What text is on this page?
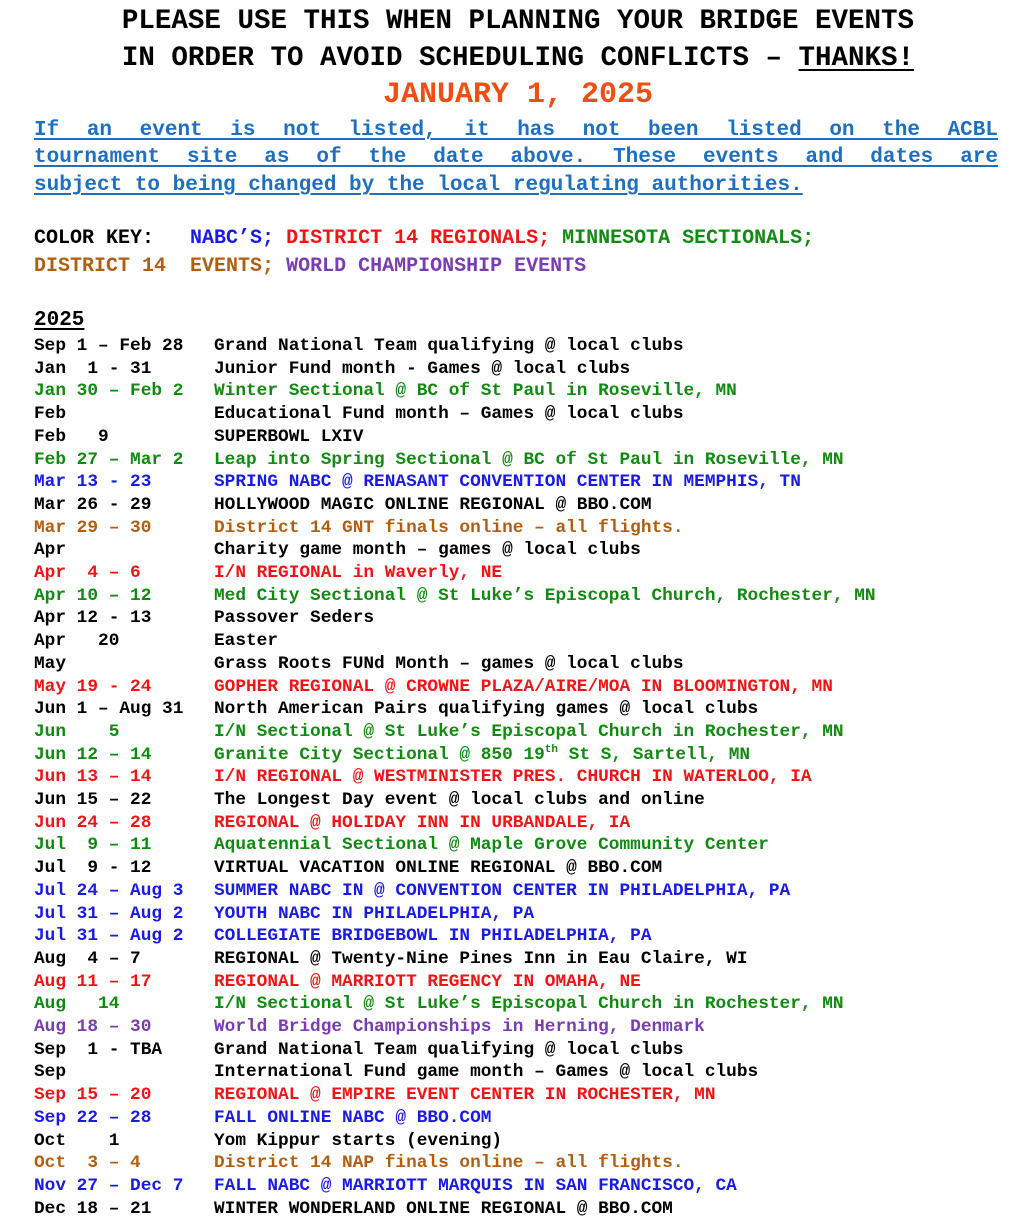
PLEASE USE THIS WHEN PLANNING YOUR BRIDGE EVENTS
IN ORDER TO AVOID SCHEDULING CONFLICTS – THANKS!
JANUARY 1, 2025
If an event is not listed, it has not been listed on the ACBL
tournament site as of the date above. These events and dates are
subject to being changed by the local regulating authorities.
COLOR KEY: NABC’S; DISTRICT 14 REGIONALS; MINNESOTA SECTIONALS;
DISTRICT 14  EVENTS; WORLD CHAMPIONSHIP EVENTS
2025
Sep 1 – Feb 28 Grand National Team qualifying @ local clubs
Jan  1 - 31	Junior Fund month - Games @ local clubs
Jan 30 – Feb 2 Winter Sectional @ BC of St Paul in Roseville, MN
Feb	Educational Fund month – Games @ local clubs
Feb   9	SUPERBOWL LXIV
Feb 27 – Mar 2 Leap into Spring Sectional @ BC of St Paul in Roseville, MN
Mar 13 - 23	SPRING NABC @ RENASANT CONVENTION CENTER IN MEMPHIS, TN
Mar 26 - 29	HOLLYWOOD MAGIC ONLINE REGIONAL @ BBO.COM
Mar 29 – 30	District 14 GNT finals online – all flights.
Apr	Charity game month – games @ local clubs
Apr  4 – 6	I/N REGIONAL in Waverly, NE
Apr 10 – 12	Med City Sectional @ St Luke’s Episcopal Church, Rochester, MN
Apr 12 - 13	Passover Seders
Apr   20	Easter
May	Grass Roots FUNd Month – games @ local clubs
May 19 - 24	GOPHER REGIONAL @ CROWNE PLAZA/AIRE/MOA IN BLOOMINGTON, MN
Jun 1 – Aug 31 North American Pairs qualifying games @ local clubs
Jun    5	I/N Sectional @ St Luke’s Episcopal Church in Rochester, MN
Jun 12 – 14	Granite City Sectional @ 850 19th St S, Sartell, MN
Jun 13 – 14	I/N REGIONAL @ WESTMINISTER PRES. CHURCH IN WATERLOO, IA
Jun 15 – 22	The Longest Day event @ local clubs and online
Jun 24 – 28	REGIONAL @ HOLIDAY INN IN URBANDALE, IA
Jul  9 – 11	Aquatennial Sectional @ Maple Grove Community Center
Jul  9 - 12	VIRTUAL VACATION ONLINE REGIONAL @ BBO.COM
Jul 24 – Aug 3 SUMMER NABC IN @ CONVENTION CENTER IN PHILADELPHIA, PA
Jul 31 – Aug 2 YOUTH NABC IN PHILADELPHIA, PA
Jul 31 – Aug 2 COLLEGIATE BRIDGEBOWL IN PHILADELPHIA, PA
Aug  4 – 7	REGIONAL @ Twenty-Nine Pines Inn in Eau Claire, WI
Aug 11 – 17	REGIONAL @ MARRIOTT REGENCY IN OMAHA, NE
Aug   14	I/N Sectional @ St Luke’s Episcopal Church in Rochester, MN
Aug 18 – 30	World Bridge Championships in Herning, Denmark
Sep  1 - TBA	Grand National Team qualifying @ local clubs
Sep	International Fund game month – Games @ local clubs
Sep 15 – 20	REGIONAL @ EMPIRE EVENT CENTER IN ROCHESTER, MN
Sep 22 – 28	FALL ONLINE NABC @ BBO.COM
Oct    1	Yom Kippur starts (evening)
Oct  3 – 4	District 14 NAP finals online – all flights.
Nov 27 – Dec 7 FALL NABC @ MARRIOTT MARQUIS IN SAN FRANCISCO, CA
Dec 18 – 21	WINTER WONDERLAND ONLINE REGIONAL @ BBO.COM
